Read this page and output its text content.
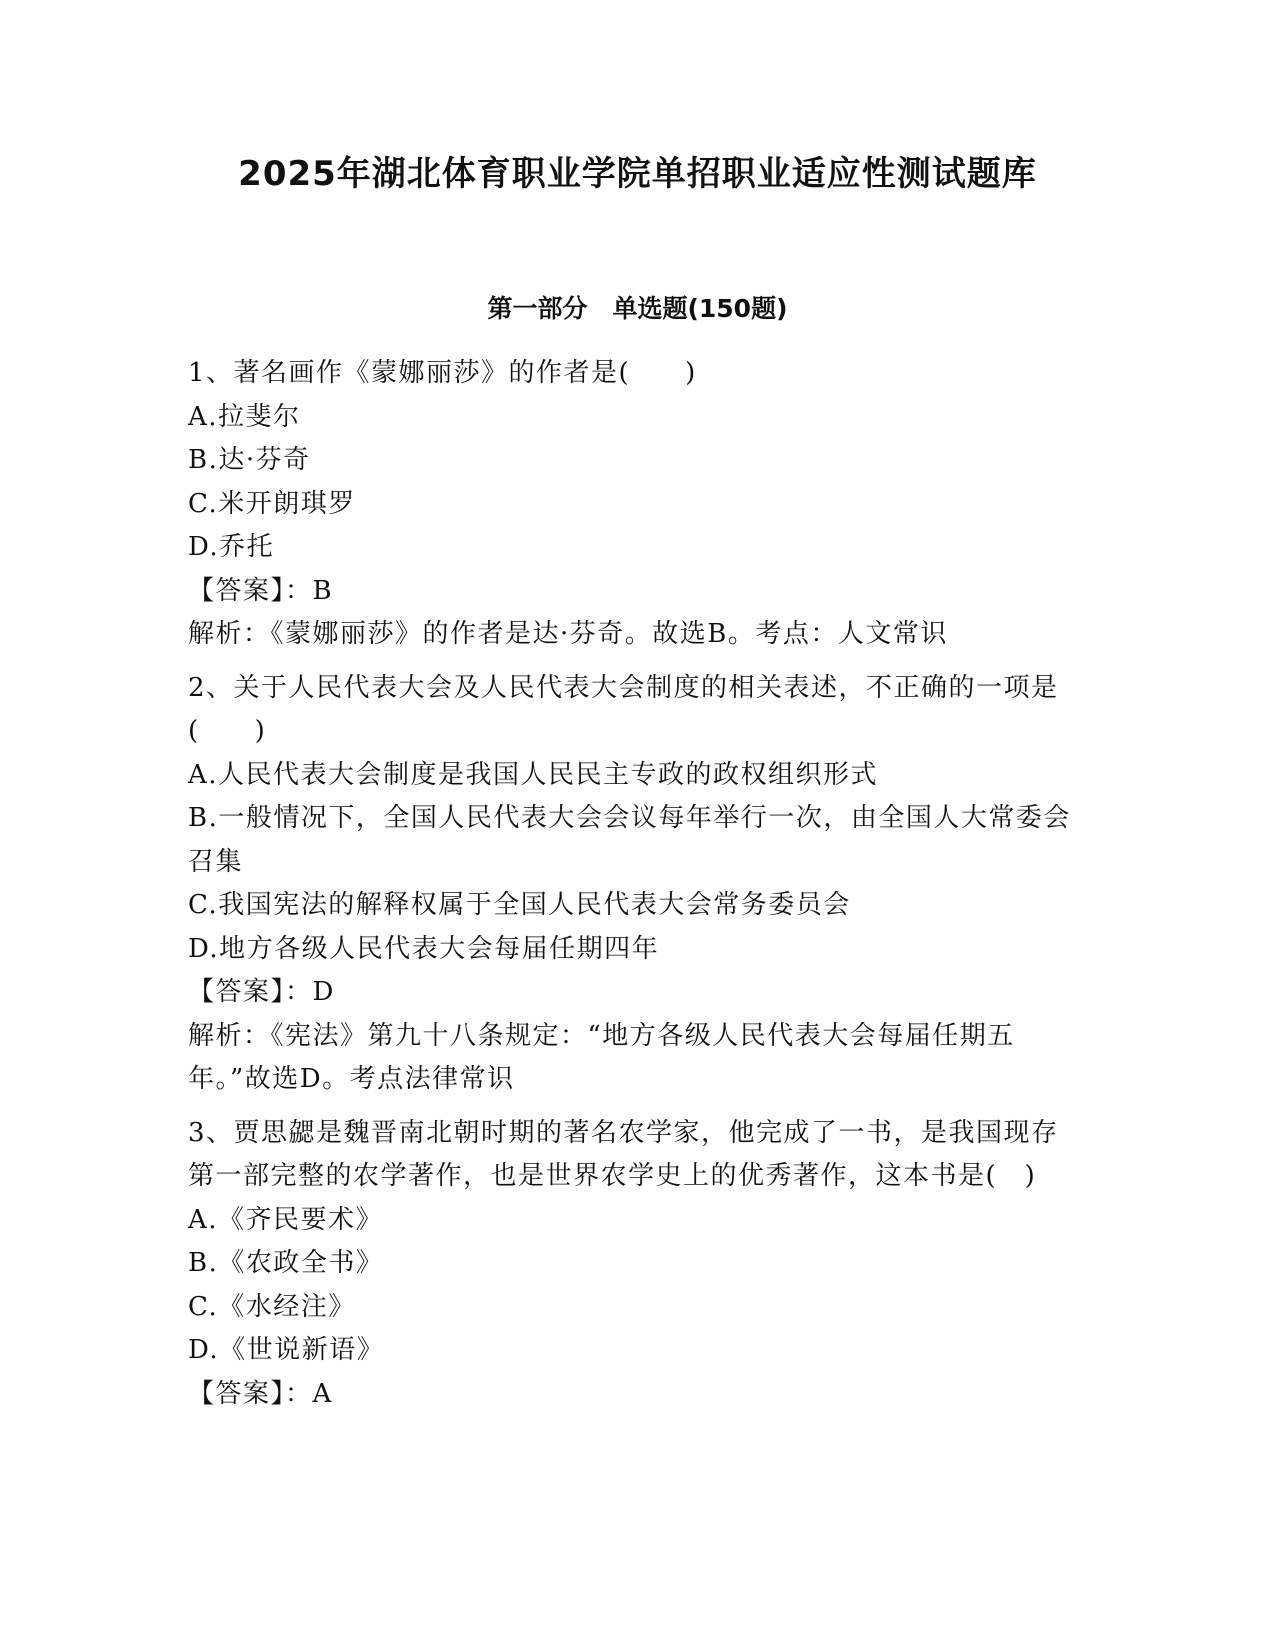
2025年湖北体育职业学院单招职业适应性测试题库
第一部分　单选题(150题)

1、著名画作《蒙娜丽莎》的作者是(　　)

A.拉斐尔

B.达·芬奇

C.米开朗琪罗

D.乔托

【答案】：B

解析：《蒙娜丽莎》的作者是达·芬奇。故选B。考点：人文常识

2、关于人民代表大会及人民代表大会制度的相关表述，不正确的一项是(　　)

A.人民代表大会制度是我国人民民主专政的政权组织形式

B.一般情况下，全国人民代表大会会议每年举行一次，由全国人大常委会召集

C.我国宪法的解释权属于全国人民代表大会常务委员会

D.地方各级人民代表大会每届任期四年

【答案】：D

解析：《宪法》第九十八条规定：“地方各级人民代表大会每届任期五年。”故选D。考点法律常识

3、贾思勰是魏晋南北朝时期的著名农学家，他完成了一书，是我国现存第一部完整的农学著作，也是世界农学史上的优秀著作，这本书是(　)

A.《齐民要术》

B.《农政全书》

C.《水经注》

D.《世说新语》

【答案】：A
